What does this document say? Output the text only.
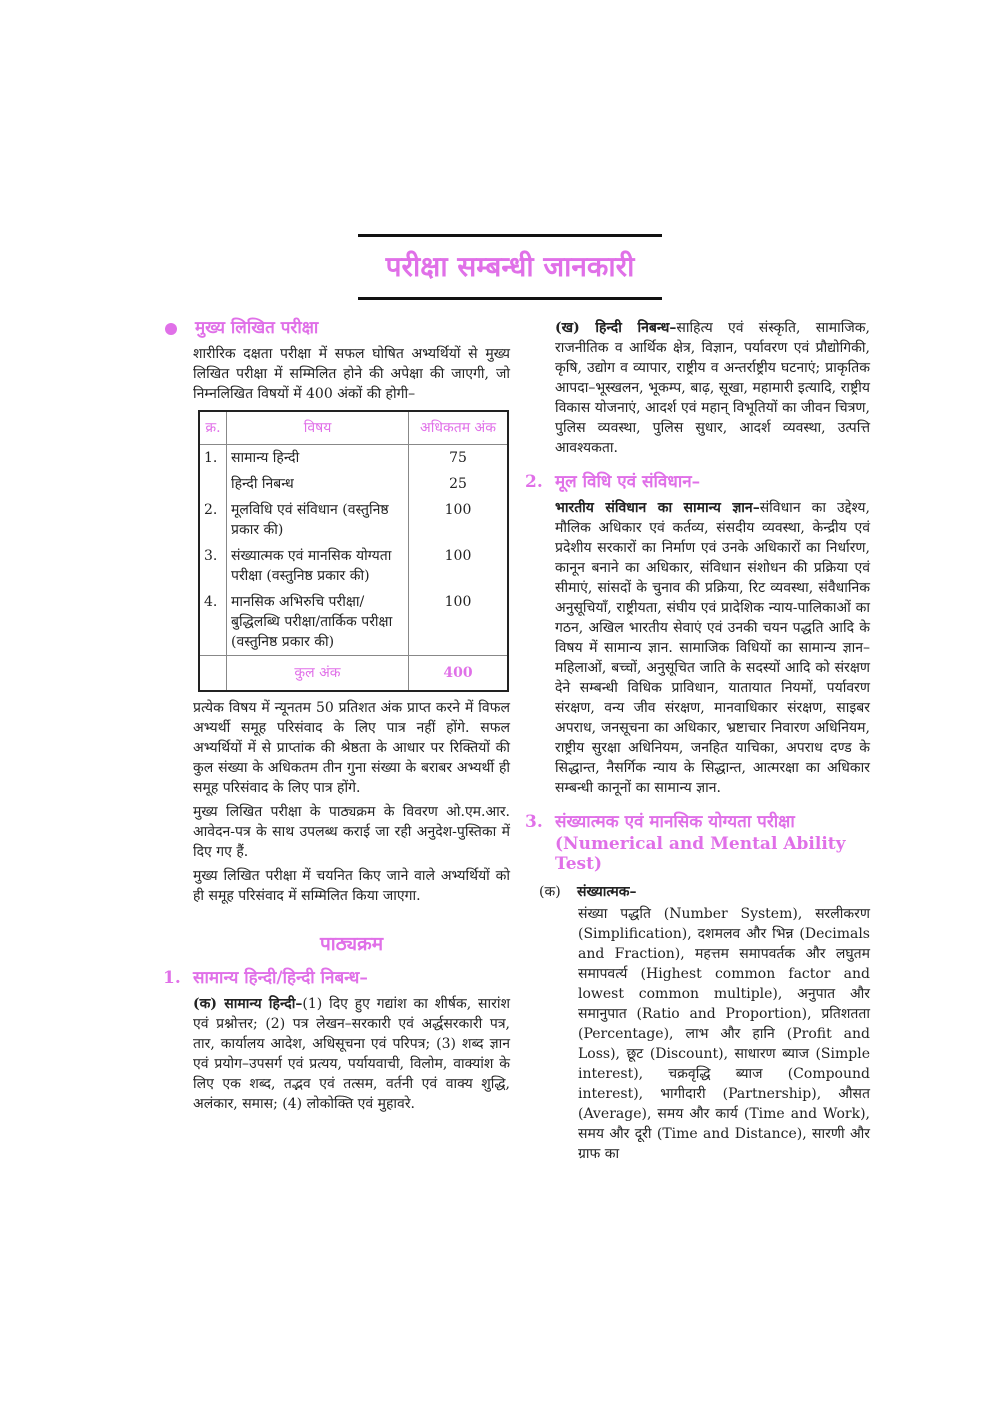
परीक्षा सम्बन्धी जानकारी
मुख्य लिखित परीक्षा

शारीरिक दक्षता परीक्षा में सफल घोषित अभ्यर्थियों से मुख्य लिखित परीक्षा में सम्मिलित होने की अपेक्षा की जाएगी, जो निम्नलिखित विषयों में 400 अंकों की होगी–

क्र.	विषय	अधिकतम अंक
1.	सामान्य हिन्दी	75
	हिन्दी निबन्ध	25
2.	मूलविधि एवं संविधान (वस्तुनिष्ठ प्रकार की)	100
3.	संख्यात्मक एवं मानसिक योग्यता परीक्षा (वस्तुनिष्ठ प्रकार की)	100
4.	मानसिक अभिरुचि परीक्षा/बुद्धिलब्धि परीक्षा/तार्किक परीक्षा (वस्तुनिष्ठ प्रकार की)	100
	कुल अंक	400

प्रत्येक विषय में न्यूनतम 50 प्रतिशत अंक प्राप्त करने में विफल अभ्यर्थी समूह परिसंवाद के लिए पात्र नहीं होंगे. सफल अभ्यर्थियों में से प्राप्तांक की श्रेष्ठता के आधार पर रिक्तियों की कुल संख्या के अधिकतम तीन गुना संख्या के बराबर अभ्यर्थी ही समूह परिसंवाद के लिए पात्र होंगे.

मुख्य लिखित परीक्षा के पाठ्यक्रम के विवरण ओ.एम.आर. आवेदन-पत्र के साथ उपलब्ध कराई जा रही अनुदेश-पुस्तिका में दिए गए हैं.

मुख्य लिखित परीक्षा में चयनित किए जाने वाले अभ्यर्थियों को ही समूह परिसंवाद में सम्मिलित किया जाएगा.

पाठ्यक्रम
1. सामान्य हिन्दी/हिन्दी निबन्ध–

(क) सामान्य हिन्दी–(1) दिए हुए गद्यांश का शीर्षक, सारांश एवं प्रश्नोत्तर; (2) पत्र लेखन–सरकारी एवं अर्द्धसरकारी पत्र, तार, कार्यालय आदेश, अधिसूचना एवं परिपत्र; (3) शब्द ज्ञान एवं प्रयोग–उपसर्ग एवं प्रत्यय, पर्यायवाची, विलोम, वाक्यांश के लिए एक शब्द, तद्भव एवं तत्सम, वर्तनी एवं वाक्य शुद्धि, अलंकार, समास; (4) लोकोक्ति एवं मुहावरे.

(ख) हिन्दी निबन्ध–साहित्य एवं संस्कृति, सामाजिक, राजनीतिक व आर्थिक क्षेत्र, विज्ञान, पर्यावरण एवं प्रौद्योगिकी, कृषि, उद्योग व व्यापार, राष्ट्रीय व अन्तर्राष्ट्रीय घटनाएं; प्राकृतिक आपदा–भूस्खलन, भूकम्प, बाढ़, सूखा, महामारी इत्यादि, राष्ट्रीय विकास योजनाएं, आदर्श एवं महान् विभूतियों का जीवन चित्रण, पुलिस व्यवस्था, पुलिस सुधार, आदर्श व्यवस्था, उत्पत्ति आवश्यकता.

2. मूल विधि एवं संविधान–

भारतीय संविधान का सामान्य ज्ञान–संविधान का उद्देश्य, मौलिक अधिकार एवं कर्तव्य, संसदीय व्यवस्था, केन्द्रीय एवं प्रदेशीय सरकारों का निर्माण एवं उनके अधिकारों का निर्धारण, कानून बनाने का अधिकार, संविधान संशोधन की प्रक्रिया एवं सीमाएं, सांसदों के चुनाव की प्रक्रिया, रिट व्यवस्था, संवैधानिक अनुसूचियाँ, राष्ट्रीयता, संघीय एवं प्रादेशिक न्याय-पालिकाओं का गठन, अखिल भारतीय सेवाएं एवं उनकी चयन पद्धति आदि के विषय में सामान्य ज्ञान. सामाजिक विधियों का सामान्य ज्ञान–महिलाओं, बच्चों, अनुसूचित जाति के सदस्यों आदि को संरक्षण देने सम्बन्धी विधिक प्राविधान, यातायात नियमों, पर्यावरण संरक्षण, वन्य जीव संरक्षण, मानवाधिकार संरक्षण, साइबर अपराध, जनसूचना का अधिकार, भ्रष्टाचार निवारण अधिनियम, राष्ट्रीय सुरक्षा अधिनियम, जनहित याचिका, अपराध दण्ड के सिद्धान्त, नैसर्गिक न्याय के सिद्धान्त, आत्मरक्षा का अधिकार सम्बन्धी कानूनों का सामान्य ज्ञान.

3. संख्यात्मक एवं मानसिक योग्यता परीक्षा
(Numerical and Mental Ability Test)
(क)	संख्यात्मक–
संख्या पद्धति (Number System), सरलीकरण (Simplification), दशमलव और भिन्न (Decimals and Fraction), महत्तम समापवर्तक और लघुतम समापवर्त्य (Highest common factor and lowest common multiple), अनुपात और समानुपात (Ratio and Proportion), प्रतिशतता (Percentage), लाभ और हानि (Profit and Loss), छूट (Discount), साधारण ब्याज (Simple interest), चक्रवृद्धि ब्याज (Compound interest), भागीदारी (Partnership), औसत (Average), समय और कार्य (Time and Work), समय और दूरी (Time and Distance), सारणी और ग्राफ का
